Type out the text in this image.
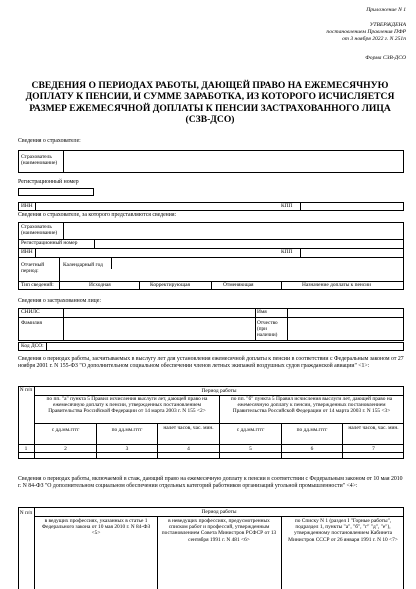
Приложение N 1
УТВЕРЖДЕНА
постановлением Правления ПФР
от 3 ноября 2022 г. N 251п
Форма СЗВ-ДСО
СВЕДЕНИЯ О ПЕРИОДАХ РАБОТЫ, ДАЮЩЕЙ ПРАВО НА ЕЖЕМЕСЯЧНУЮ ДОПЛАТУ К ПЕНСИИ, И СУММЕ ЗАРАБОТКА, ИЗ КОТОРОГО ИСЧИСЛЯЕТСЯ РАЗМЕР ЕЖЕМЕСЯЧНОЙ ДОПЛАТЫ К ПЕНСИИ ЗАСТРАХОВАННОГО ЛИЦА (СЗВ-ДСО)
Сведения о страхователе:
Страхователь (наименование)
Регистрационный номер
ИНН	КПП
Сведения о страхователе, за которого представляются сведения:
Страхователь (наименование)
Регистрационный номер
ИНН	КПП
Отчетный период:
Календарный год
Тип сведений:	Исходная	Корректирующая	Отменяющая	Назначение доплаты к пенсии
Сведения о застрахованном лице:
СНИЛС	Имя
Фамилия	Отчество (при наличии)
Код ДСО:
Сведения о периодах работы, засчитываемых в выслугу лет для установления ежемесячной доплаты к пенсии в соответствии с Федеральным законом от 27 ноября 2001 г. N 155-ФЗ "О дополнительном социальном обеспечении членов летных экипажей воздушных судов гражданской авиации" <1>:
N п/п	Период работы
по пп. "а" пункта 5 Правил исчисления выслуги лет, дающей право на ежемесячную доплату к пенсии, утвержденных постановлением Правительства Российской Федерации от 14 марта 2003 г. N 155 <2>
по пп. "б" пункта 5 Правил исчисления выслуги лет, дающей право на ежемесячную доплату к пенсии, утвержденных постановлением Правительства Российской Федерации от 14 марта 2003 г. N 155 <3>
с дд.мм.гггг	по дд.мм.гггг	налет часов, час. мин.	с дд.мм.гггг	по дд.мм.гггг	налет часов, час. мин.
1	2	3	4	5	6	7
Сведения о периодах работы, включаемой в стаж, дающий право на ежемесячную доплату к пенсии в соответствии с Федеральным законом от 10 мая 2010 г. N 84-ФЗ "О дополнительном социальном обеспечении отдельных категорий работников организаций угольной промышленности" <4>:
N п/п	Период работы
в ведущих профессиях, указанных в статье 1 Федерального закона от 10 мая 2010 г. N 84-ФЗ <5>
в неведущих профессиях, предусмотренных списком работ и профессий, утвержденным постановлением Совета Министров РСФСР от 13 сентября 1991 г. N 481 <6>
по Списку N 1 (раздел I "Горные работы", подраздел 1, пункты "а", "б", "г" "д", "е"), утвержденному постановлением Кабинета Министров СССР от 26 января 1991 г. N 10 <7>
